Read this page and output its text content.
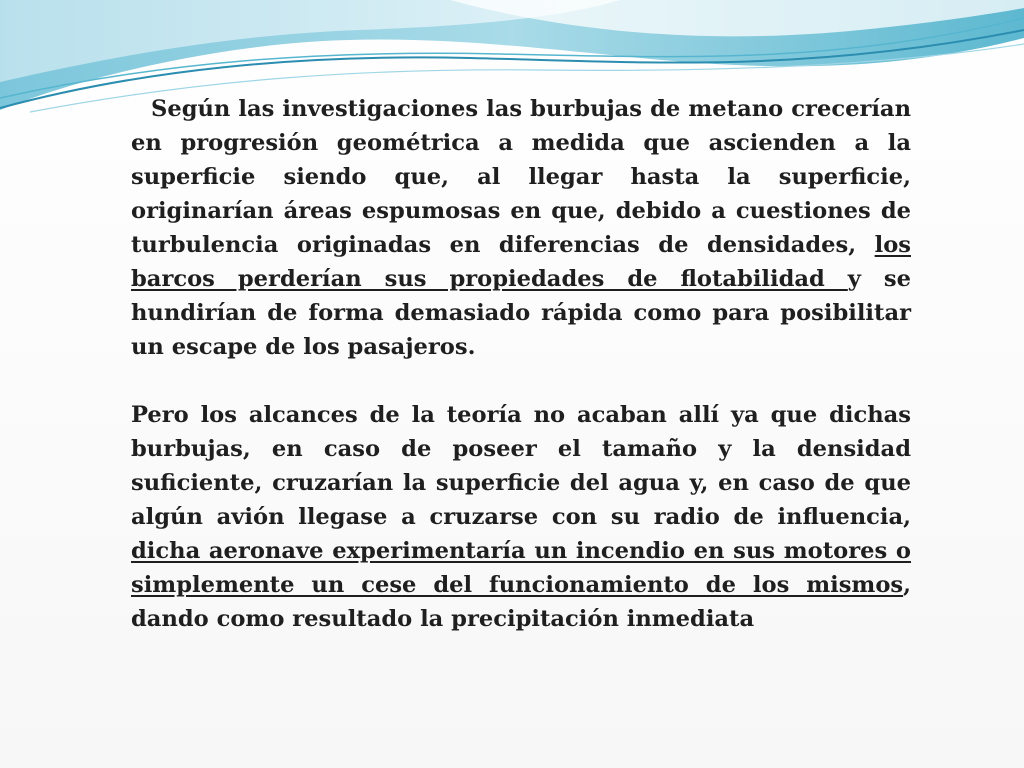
Según las investigaciones las burbujas de metano crecerían en progresión geométrica a medida que ascienden a la superficie siendo que, al llegar hasta la superficie, originarían áreas espumosas en que, debido a cuestiones de turbulencia originadas en diferencias de densidades, los barcos perderían sus propiedades de flotabilidad y se hundirían de forma demasiado rápida como para posibilitar un escape de los pasajeros.

Pero los alcances de la teoría no acaban allí ya que dichas burbujas, en caso de poseer el tamaño y la densidad suficiente, cruzarían la superficie del agua y, en caso de que algún avión llegase a cruzarse con su radio de influencia, dicha aeronave experimentaría un incendio en sus motores o simplemente un cese del funcionamiento de los mismos, dando como resultado la precipitación inmediata
